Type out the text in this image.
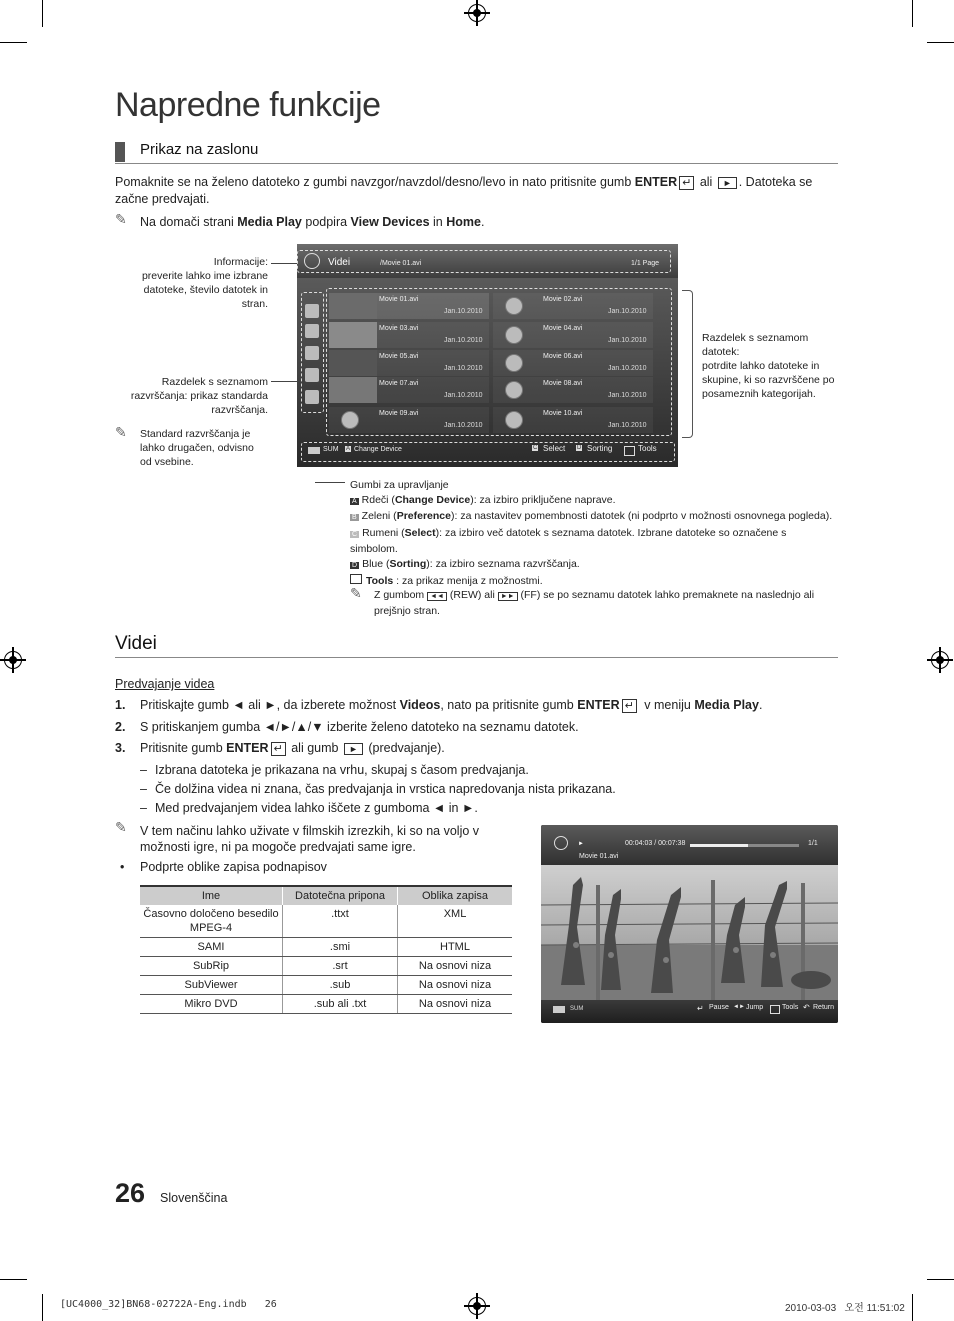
Napredne funkcije
Prikaz na zaslonu
Pomaknite se na želeno datoteko z gumbi navzgor/navzdol/desno/levo in nato pritisnite gumb ENTER ↵ ali ► . Datoteka se
začne predvajati.
✎ Na domači strani Media Play podpira View Devices in Home.
Informacije:
preverite lahko ime izbrane
datoteke, število datotek in
stran.
Razdelek s seznamom
razvrščanja: prikaz standarda
razvrščanja.
✎ Standard razvrščanja je
lahko drugačen, odvisno
od vsebine.
Videi	/Movie 01.avi	1/1 Page
Movie 01.avi
Jan.10.2010
Movie 02.avi
Jan.10.2010
Movie 03.avi
Jan.10.2010
Movie 04.avi
Jan.10.2010
Movie 05.avi
Jan.10.2010
Movie 06.avi
Jan.10.2010
Movie 07.avi
Jan.10.2010
Movie 08.avi
Jan.10.2010
Movie 09.avi
Jan.10.2010
Movie 10.avi
Jan.10.2010
SUM A Change Device	C Select D Sorting	Tools
Razdelek s seznamom
datotek:
potrdite lahko datoteke in
skupine, ki so razvrščene po
posameznih kategorijah.
Gumbi za upravljanje
A Rdeči (Change Device): za izbiro priključene naprave.
B Zeleni (Preference): za nastavitev pomembnosti datotek (ni podprto v možnosti osnovnega pogleda).
C Rumeni (Select): za izbiro več datotek s seznama datotek. Izbrane datoteke so označene s
simbolom.
D Blue (Sorting): za izbiro seznama razvrščanja.
Tools : za prikaz menija z možnostmi.
✎ Z gumbom ◄◄ (REW) ali ►► (FF) se po seznamu datotek lahko premaknete na naslednjo ali
prejšnjo stran.
Videi
Predvajanje videa
1. Pritiskajte gumb ◄ ali ►, da izberete možnost Videos, nato pa pritisnite gumb ENTER ↵ v meniju Media Play.
2. S pritiskanjem gumba ◄/►/▲/▼ izberite želeno datoteko na seznamu datotek.
3. Pritisnite gumb ENTER ↵ ali gumb ► (predvajanje).
– Izbrana datoteka je prikazana na vrhu, skupaj s časom predvajanja.
– Če dolžina videa ni znana, čas predvajanja in vrstica napredovanja nista prikazana.
– Med predvajanjem videa lahko iščete z gumboma ◄ in ►.
✎ V tem načinu lahko uživate v filmskih izrezkih, ki so na voljo v
možnosti igre, ni pa mogoče predvajati same igre.
• Podprte oblike zapisa podnapisov
Ime	Datotečna pripona	Oblika zapisa
Časovno določeno besedilo MPEG-4	.ttxt	XML
SAMI	.smi	HTML
SubRip	.srt	Na osnovi niza
SubViewer	.sub	Na osnovi niza
Mikro DVD	.sub ali .txt	Na osnovi niza
►	00:04:03 / 00:07:38	1/1
Movie 01.avi
SUM	↵ Pause ◄► Jump	Tools ↶ Return
26 Slovenščina
[UC4000_32]BN68-02722A-Eng.indb   26	2010-03-03   오전 11:51:02
